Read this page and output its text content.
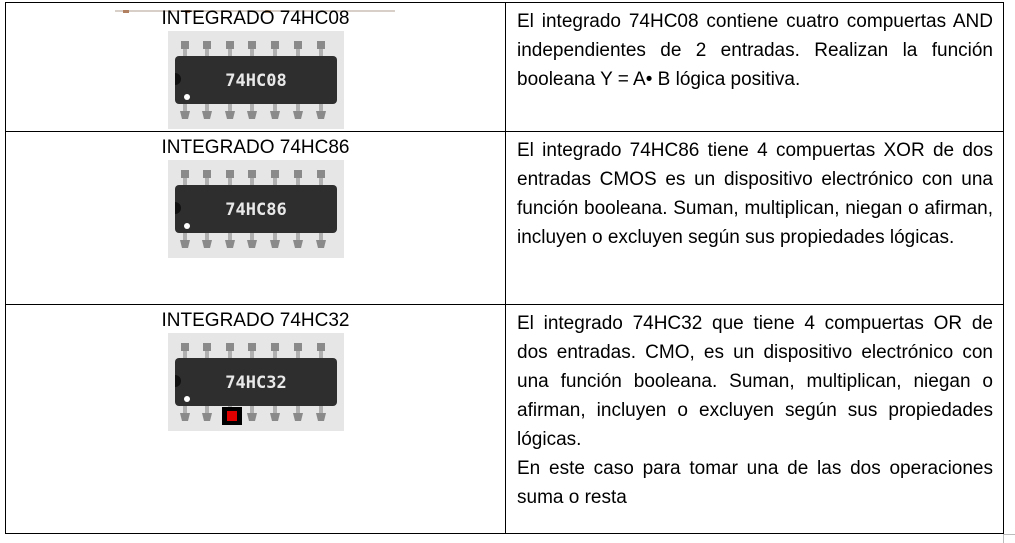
INTEGRADO 74HC08
74HC08

El integrado 74HC08 contiene cuatro compuertas AND independientes de 2 entradas. Realizan la función booleana Y = A• B lógica positiva.

INTEGRADO 74HC86
74HC86

El integrado 74HC86 tiene 4 compuertas XOR de dos entradas CMOS es un dispositivo electrónico con una función booleana. Suman, multiplican, niegan o afirman, incluyen o excluyen según sus propiedades lógicas.

INTEGRADO 74HC32
74HC32

El integrado 74HC32 que tiene 4 compuertas OR de dos entradas. CMO, es un dispositivo electrónico con una función booleana. Suman, multiplican, niegan o afirman, incluyen o excluyen según sus propiedades lógicas.

En este caso para tomar una de las dos operaciones suma o resta
